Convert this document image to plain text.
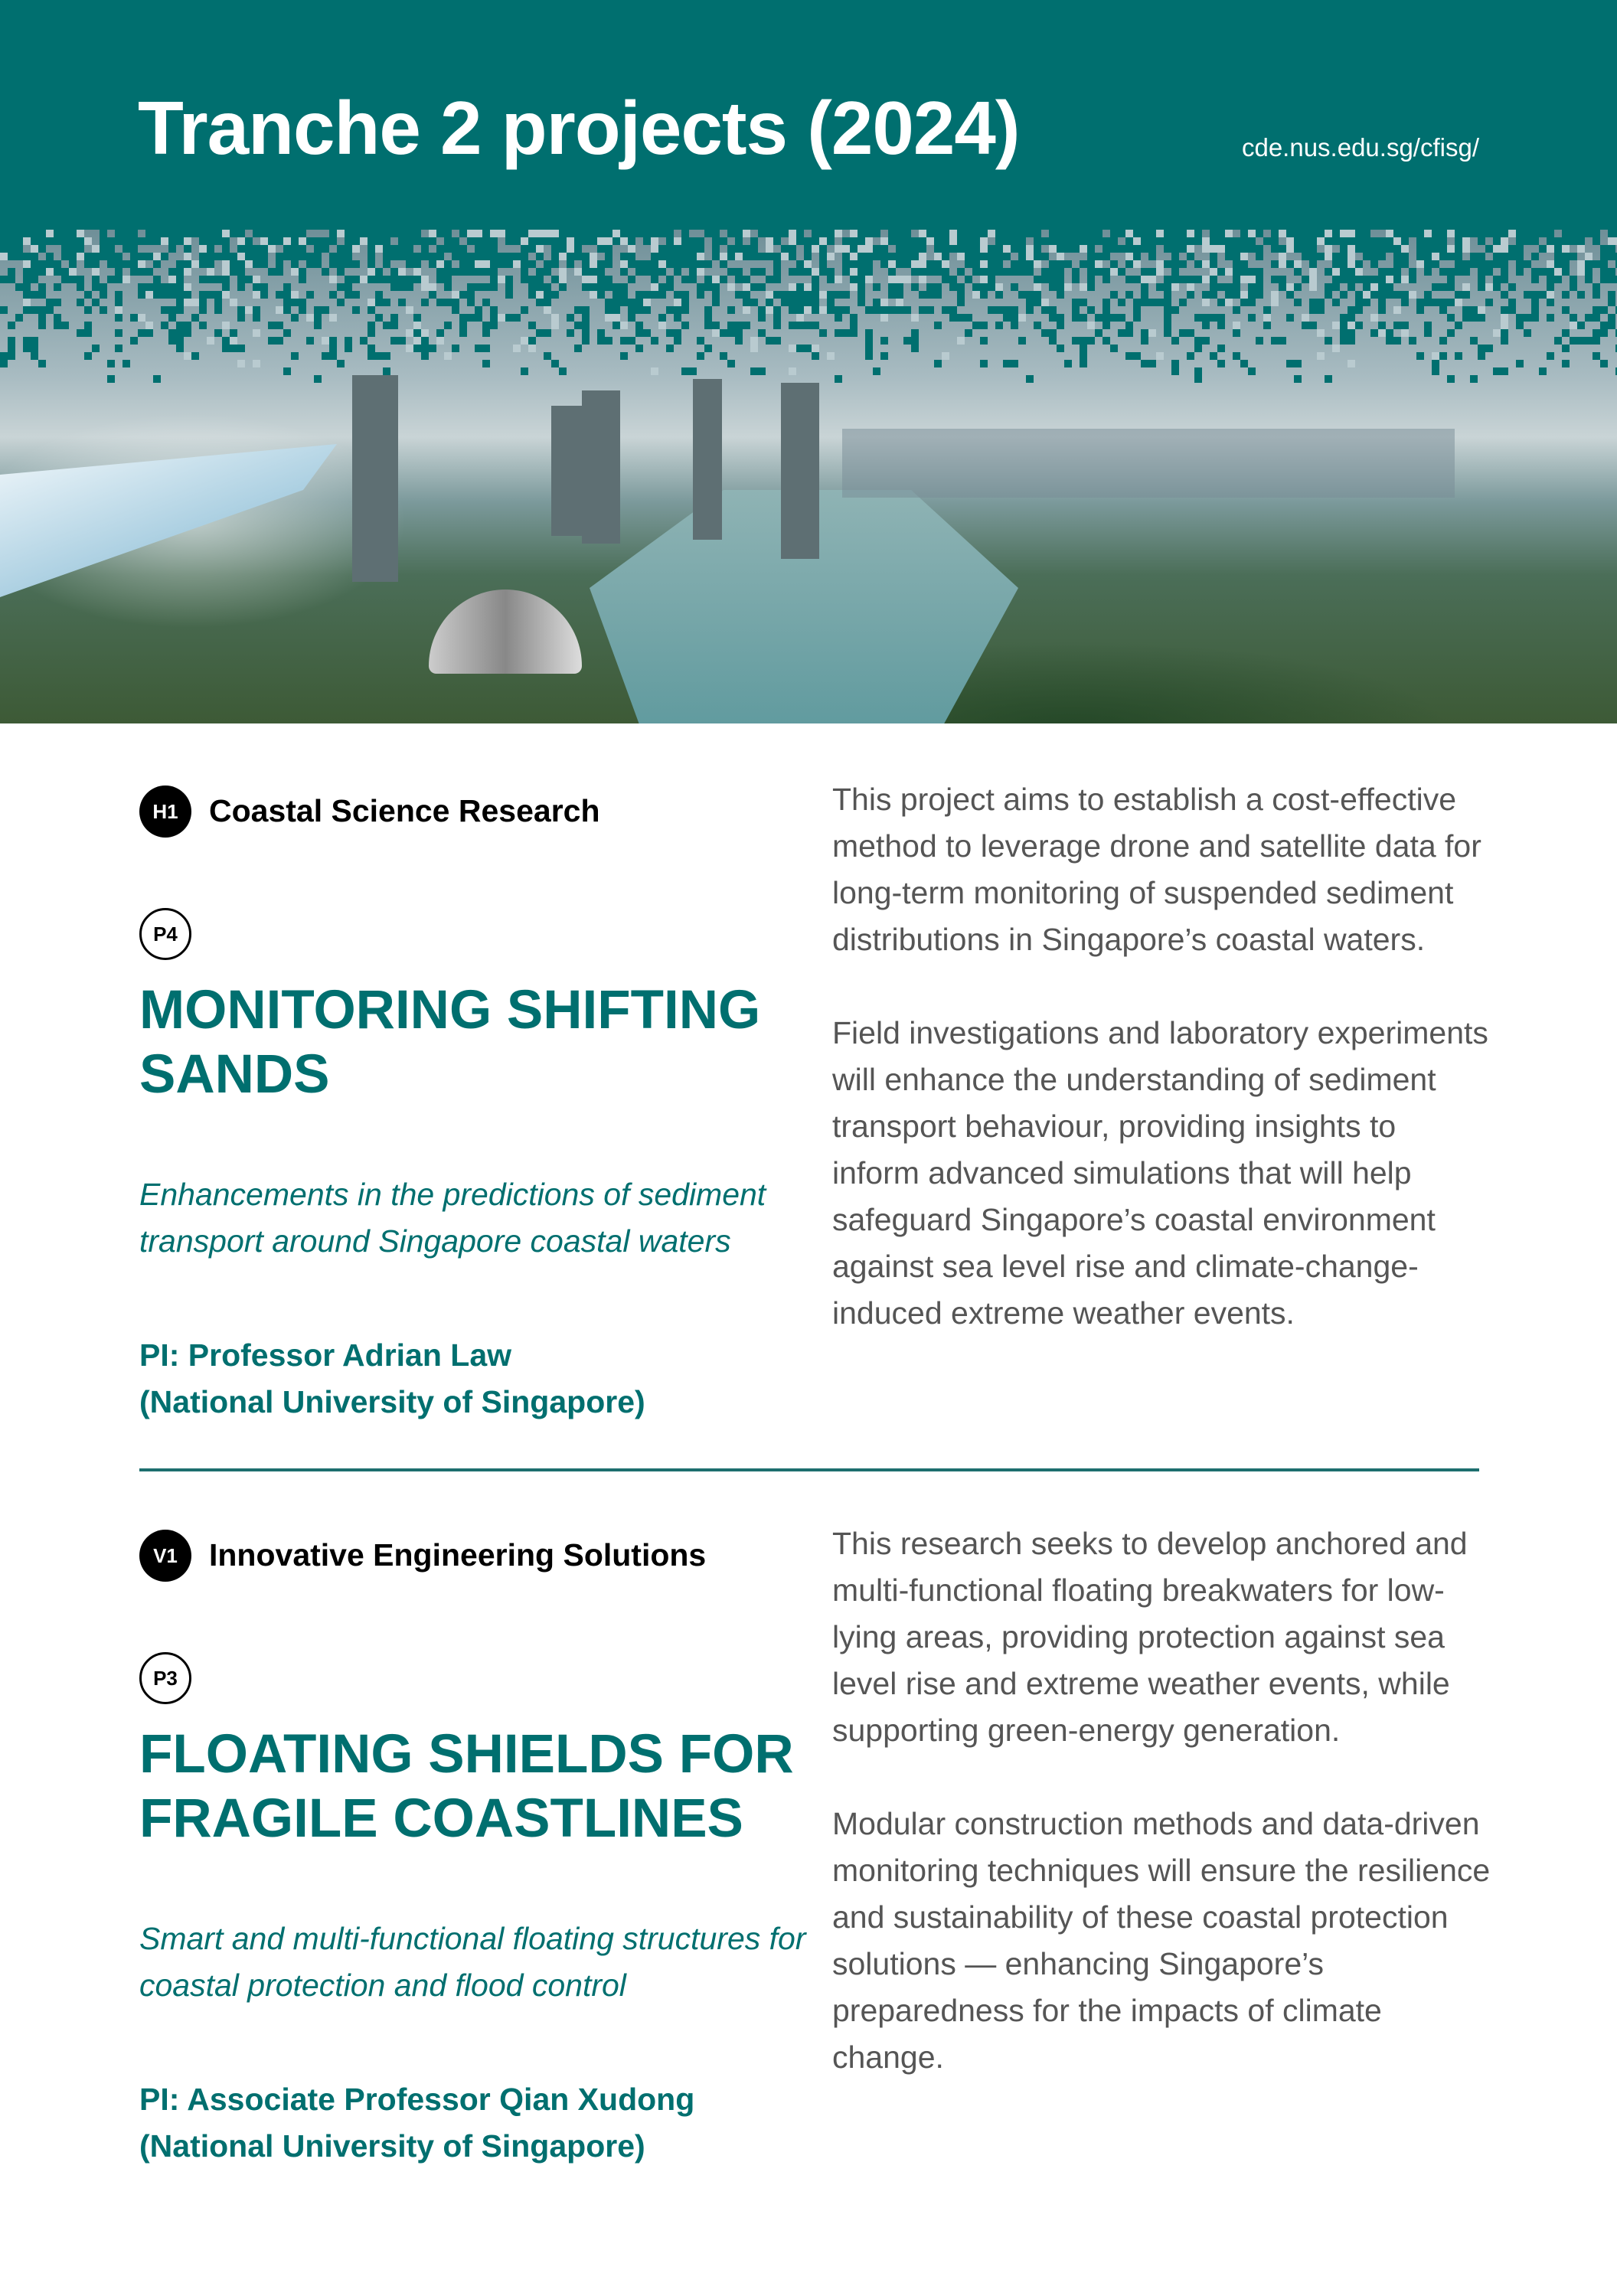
Tranche 2 projects (2024)	cde.nus.edu.sg/cfisg/
H1 Coastal Science Research
P4
MONITORING SHIFTING SANDS
Enhancements in the predictions of sediment transport around Singapore coastal waters
PI: Professor Adrian Law
(National University of Singapore)

This project aims to establish a cost-effective method to leverage drone and satellite data for long-term monitoring of suspended sediment distributions in Singapore’s coastal waters.

Field investigations and laboratory experiments will enhance the understanding of sediment transport behaviour, providing insights to inform advanced simulations that will help safeguard Singapore’s coastal environment against sea level rise and climate-change-induced extreme weather events.

V1	Innovative Engineering Solutions
P3
FLOATING SHIELDS FOR FRAGILE COASTLINES
Smart and multi-functional floating structures for coastal protection and flood control
PI: Associate Professor Qian Xudong
(National University of Singapore)

This research seeks to develop anchored and multi-functional floating breakwaters for low-lying areas, providing protection against sea level rise and extreme weather events, while supporting green-energy generation.

Modular construction methods and data-driven monitoring techniques will ensure the resilience and sustainability of these coastal protection solutions — enhancing Singapore’s preparedness for the impacts of climate change.
